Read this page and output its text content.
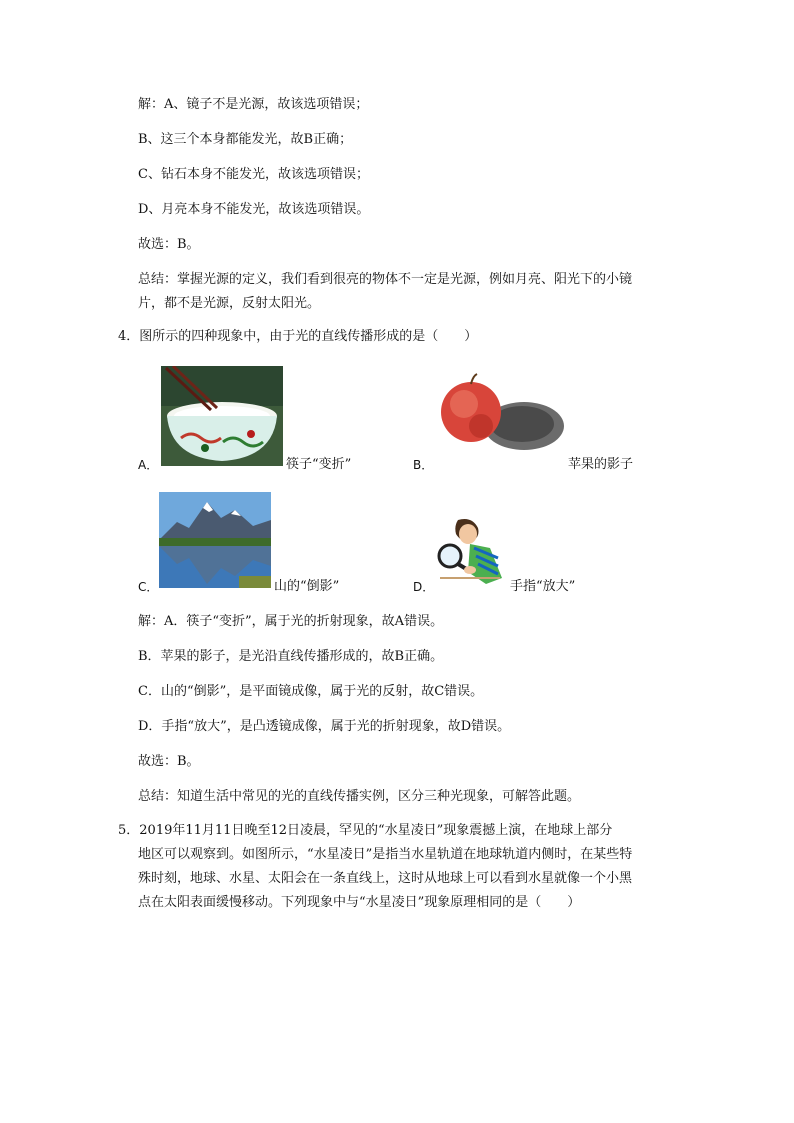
解：A、镜子不是光源，故该选项错误；
B、这三个本身都能发光，故B正确；
C、钻石本身不能发光，故该选项错误；
D、月亮本身不能发光，故该选项错误。
故选：B。
总结：掌握光源的定义，我们看到很亮的物体不一定是光源，例如月亮、阳光下的小镜
片，都不是光源，反射太阳光。
4．图所示的四种现象中，由于光的直线传播形成的是（　　）
A．	筷子“变折”	B．	苹果的影子
C．	山的“倒影”	D．	手指“放大”
解：A．筷子“变折”，属于光的折射现象，故A错误。
B．苹果的影子，是光沿直线传播形成的，故B正确。
C．山的“倒影”，是平面镜成像，属于光的反射，故C错误。
D．手指“放大”，是凸透镜成像，属于光的折射现象，故D错误。
故选：B。
总结：知道生活中常见的光的直线传播实例，区分三种光现象，可解答此题。
5．2019年11月11日晚至12日凌晨，罕见的“水星凌日”现象震撼上演，在地球上部分
地区可以观察到。如图所示，“水星凌日”是指当水星轨道在地球轨道内侧时，在某些特
殊时刻，地球、水星、太阳会在一条直线上，这时从地球上可以看到水星就像一个小黑
点在太阳表面缓慢移动。下列现象中与“水星凌日”现象原理相同的是（　　）
